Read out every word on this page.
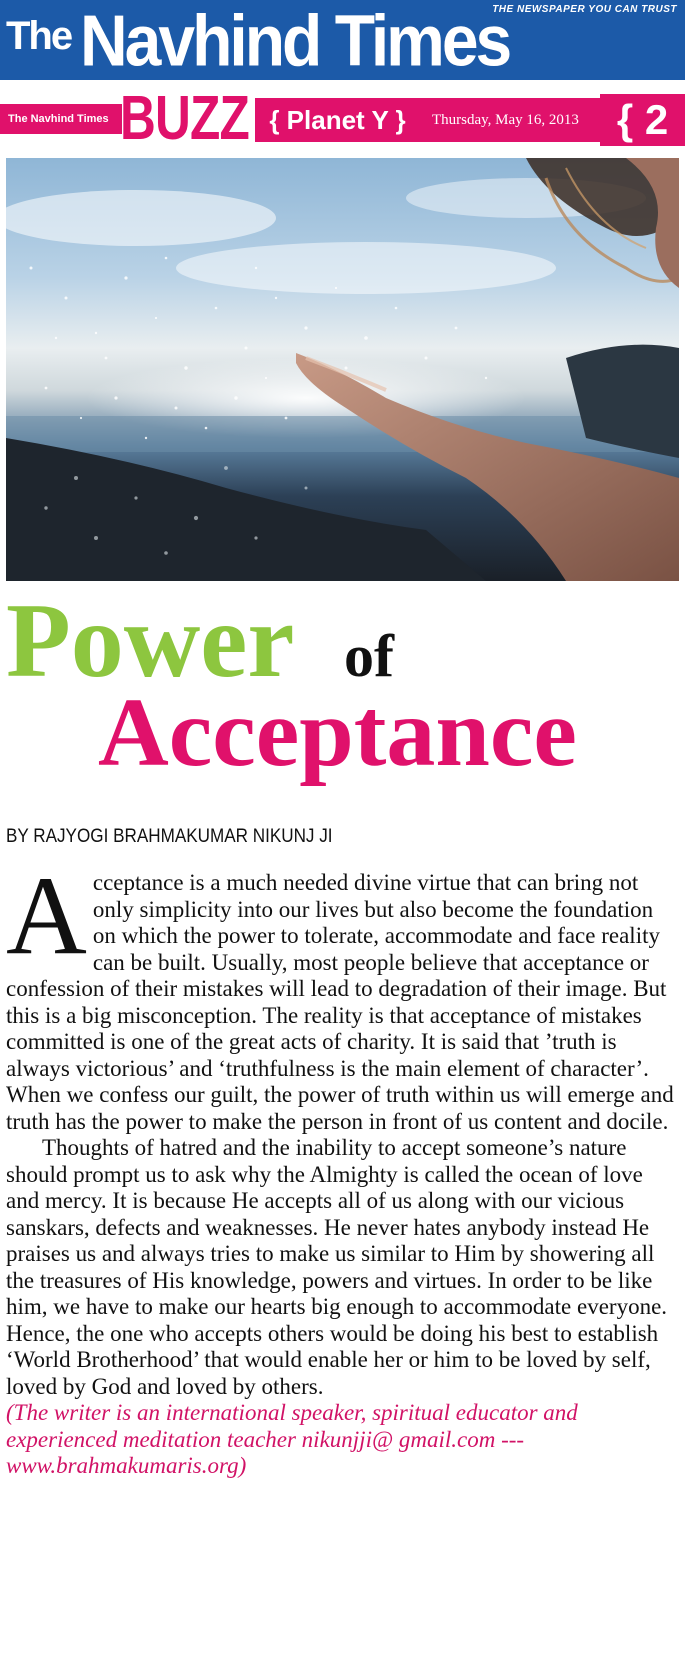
The Navhind Times
THE NEWSPAPER YOU CAN TRUST
The Navhind Times BUZZ { Planet Y }	Thursday, May 16, 2013 { 2
Power of
Acceptance
BY RAJYOGI BRAHMAKUMAR NIKUNJ JI

Acceptance is a much needed divine virtue that can bring not only simplicity into our lives but also become the foundation on which the power to tolerate, accommodate and face reality can be built. Usually, most people believe that acceptance or confession of their mistakes will lead to degradation of their image. But this is a big misconception. The reality is that acceptance of mistakes committed is one of the great acts of charity. It is said that ’truth is always victorious’ and ‘truthfulness is the main element of character’. When we confess our guilt, the power of truth within us will emerge and truth has the power to make the person in front of us content and docile.

Thoughts of hatred and the inability to accept someone’s nature should prompt us to ask why the Almighty is called the ocean of love and mercy. It is because He accepts all of us along with our vicious sanskars, defects and weaknesses. He never hates anybody instead He praises us and always tries to make us similar to Him by showering all the treasures of His knowledge, powers and virtues. In order to be like him, we have to make our hearts big enough to accommodate everyone. Hence, the one who accepts others would be doing his best to establish ‘World Brotherhood’ that would enable her or him to be loved by self, loved by God and loved by others.

(The writer is an international speaker, spiritual educator and experienced meditation teacher nikunjji@ gmail.com --- www.brahmakumaris.org)
